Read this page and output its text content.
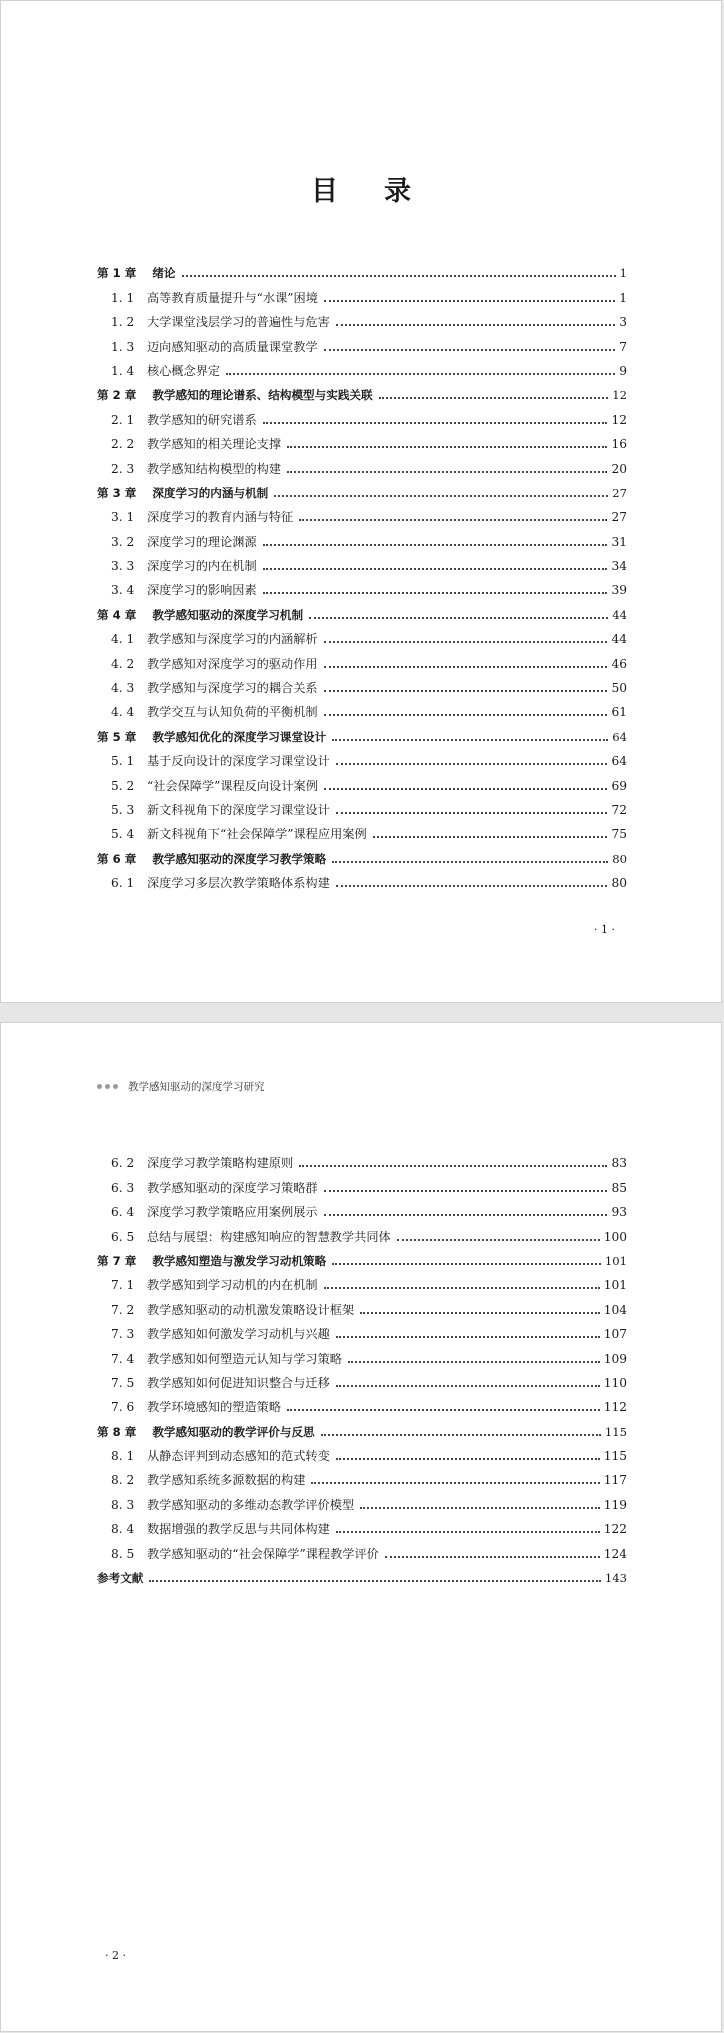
目录
第 1 章	绪论	1
1. 1	高等教育质量提升与“水课”困境	1
1. 2	大学课堂浅层学习的普遍性与危害	3
1. 3	迈向感知驱动的高质量课堂教学	7
1. 4	核心概念界定	9
第 2 章	教学感知的理论谱系、结构模型与实践关联	12
2. 1	教学感知的研究谱系	12
2. 2	教学感知的相关理论支撑	16
2. 3	教学感知结构模型的构建	20
第 3 章	深度学习的内涵与机制	27
3. 1	深度学习的教育内涵与特征	27
3. 2	深度学习的理论渊源	31
3. 3	深度学习的内在机制	34
3. 4	深度学习的影响因素	39
第 4 章	教学感知驱动的深度学习机制	44
4. 1	教学感知与深度学习的内涵解析	44
4. 2	教学感知对深度学习的驱动作用	46
4. 3	教学感知与深度学习的耦合关系	50
4. 4	教学交互与认知负荷的平衡机制	61
第 5 章	教学感知优化的深度学习课堂设计	64
5. 1	基于反向设计的深度学习课堂设计	64
5. 2	“社会保障学”课程反向设计案例	69
5. 3	新文科视角下的深度学习课堂设计	72
5. 4	新文科视角下“社会保障学”课程应用案例	75
第 6 章	教学感知驱动的深度学习教学策略	80
6. 1	深度学习多层次教学策略体系构建	80
· 1 ·
教学感知驱动的深度学习研究
6. 2	深度学习教学策略构建原则	83
6. 3	教学感知驱动的深度学习策略群	85
6. 4	深度学习教学策略应用案例展示	93
6. 5	总结与展望：构建感知响应的智慧教学共同体	100
第 7 章	教学感知塑造与激发学习动机策略	101
7. 1	教学感知到学习动机的内在机制	101
7. 2	教学感知驱动的动机激发策略设计框架	104
7. 3	教学感知如何激发学习动机与兴趣	107
7. 4	教学感知如何塑造元认知与学习策略	109
7. 5	教学感知如何促进知识整合与迁移	110
7. 6	教学环境感知的塑造策略	112
第 8 章	教学感知驱动的教学评价与反思	115
8. 1	从静态评判到动态感知的范式转变	115
8. 2	教学感知系统多源数据的构建	117
8. 3	教学感知驱动的多维动态教学评价模型	119
8. 4	数据增强的教学反思与共同体构建	122
8. 5	教学感知驱动的“社会保障学”课程教学评价	124
参考文献	143
· 2 ·
